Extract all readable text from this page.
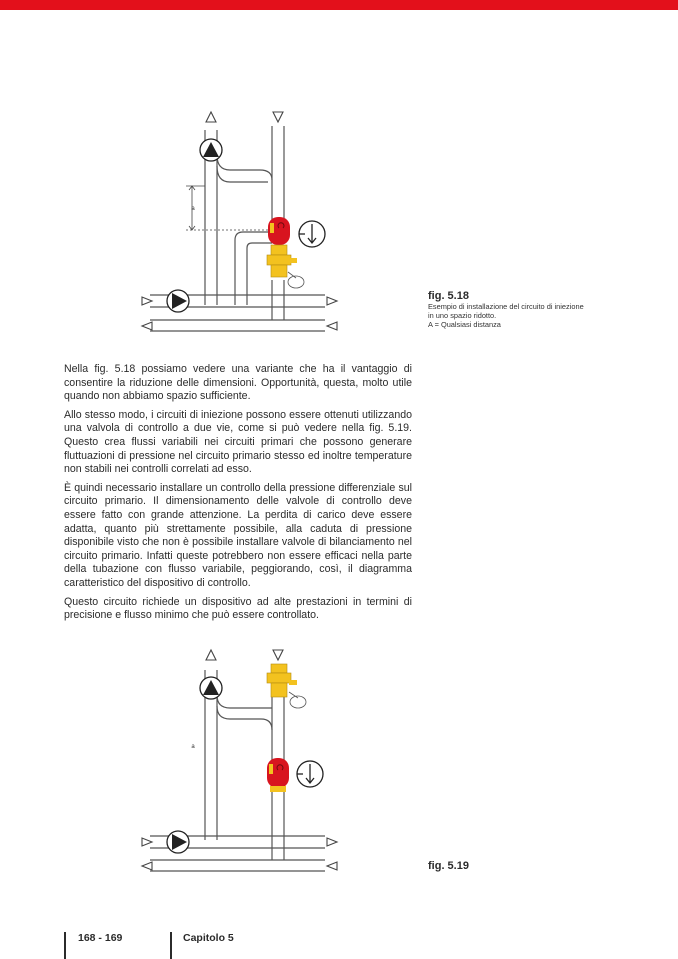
a
fig. 5.18
Esempio di installazione del circuito di iniezione
in uno spazio ridotto.
A = Qualsiasi distanza

Nella fig. 5.18 possiamo vedere una variante che ha il vantaggio di consentire la riduzione delle dimensioni. Opportunità, questa, molto utile quando non abbiamo spazio sufficiente.

Allo stesso modo, i circuiti di iniezione possono essere ottenuti utilizzando una valvola di controllo a due vie, come si può vedere nella fig. 5.19. Questo crea flussi variabili nei circuiti primari che possono generare fluttuazioni di pressione nel circuito primario stesso ed inoltre temperature non stabili nei controlli correlati ad esso.

È quindi necessario installare un controllo della pressione differenziale sul circuito primario. Il dimensionamento delle valvole di controllo deve essere fatto con grande attenzione. La perdita di carico deve essere adatta, quanto più strettamente possibile, alla caduta di pressione disponibile visto che non è possibile installare valvole di bilanciamento nel circuito primario. Infatti queste potrebbero non essere efficaci nella parte della tubazione con flusso variabile, peggiorando, così, il diagramma caratteristico del dispositivo di controllo.

Questo circuito richiede un dispositivo ad alte prestazioni in termini di precisione e flusso minimo che può essere controllato.

a
fig. 5.19
168 - 169	Capitolo 5
